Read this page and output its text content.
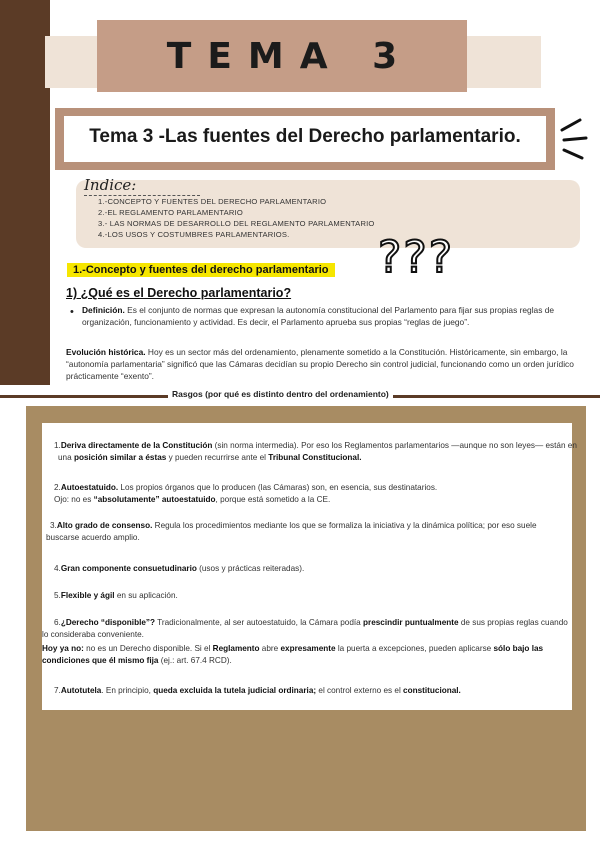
TEMA 3
Tema 3 -Las fuentes del Derecho parlamentario.
Indice:
1.-CONCEPTO Y FUENTES DEL DERECHO PARLAMENTARIO
2.-EL REGLAMENTO PARLAMENTARIO
3.- LAS NORMAS DE DESARROLLO DEL REGLAMENTO PARLAMENTARIO
4.-LOS USOS Y COSTUMBRES PARLAMENTARIOS.	???
1.-Concepto y fuentes del derecho parlamentario
1) ¿Qué es el Derecho parlamentario?
• Definición. Es el conjunto de normas que expresan la autonomía constitucional del Parlamento para fijar sus propias reglas de organización, funcionamiento y actividad. Es decir, el Parlamento aprueba sus propias “reglas de juego”.
Evolución histórica. Hoy es un sector más del ordenamiento, plenamente sometido a la Constitución. Históricamente, sin embargo, la “autonomía parlamentaria” significó que las Cámaras decidían su propio Derecho sin control judicial, funcionando como un orden jurídico prácticamente “exento”.
Rasgos (por qué es distinto dentro del ordenamiento)
1.Deriva directamente de la Constitución (sin norma intermedia). Por eso los Reglamentos parlamentarios —aunque no son leyes— están en una posición similar a éstas y pueden recurrirse ante el Tribunal Constitucional.
2.Autoestatuido. Los propios órganos que lo producen (las Cámaras) son, en esencia, sus destinatarios.
Ojo: no es “absolutamente” autoestatuido, porque está sometido a la CE.
3.Alto grado de consenso. Regula los procedimientos mediante los que se formaliza la iniciativa y la dinámica política; por eso suele buscarse acuerdo amplio.
4.Gran componente consuetudinario (usos y prácticas reiteradas).
5.Flexible y ágil en su aplicación.
6.¿Derecho “disponible”? Tradicionalmente, al ser autoestatuido, la Cámara podía prescindir puntualmente de sus propias reglas cuando lo consideraba conveniente.
Hoy ya no: no es un Derecho disponible. Si el Reglamento abre expresamente la puerta a excepciones, pueden aplicarse sólo bajo las condiciones que él mismo fija (ej.: art. 67.4 RCD).
7.Autotutela. En principio, queda excluida la tutela judicial ordinaria; el control externo es el constitucional.
